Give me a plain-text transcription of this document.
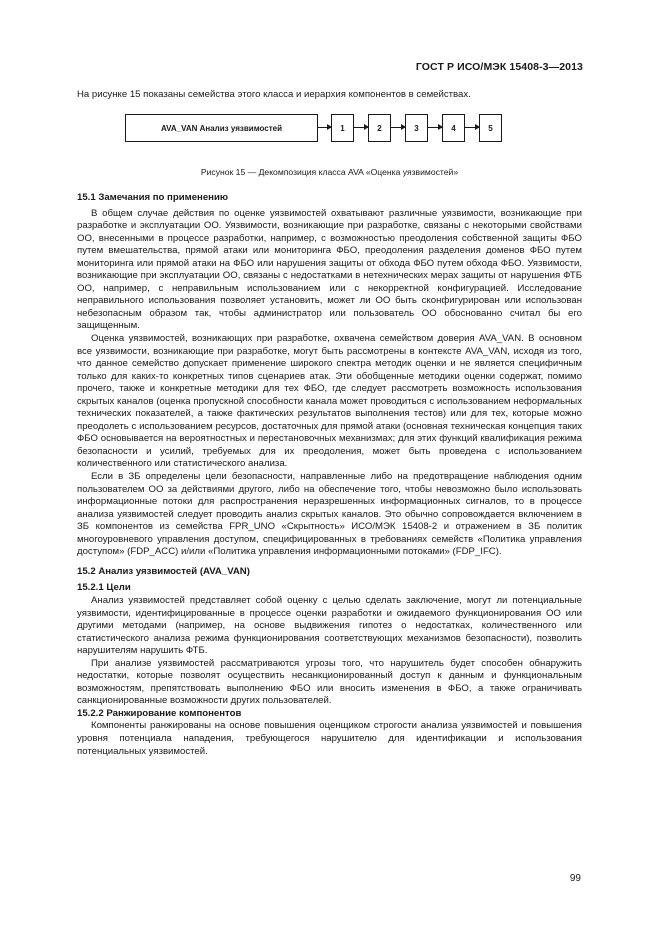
ГОСТ Р ИСО/МЭК 15408-3—2013
На рисунке 15 показаны семейства этого класса и иерархия компонентов в семействах.
AVA_VAN Анализ уязвимостей	1	2	3	4	5
Рисунок 15 — Декомпозиция класса AVA «Оценка уязвимостей»

15.1 Замечания по применению

В общем случае действия по оценке уязвимостей охватывают различные уязвимости, возникающие при разработке и эксплуатации ОО. Уязвимости, возникающие при разработке, связаны с некоторыми свойствами ОО, внесенными в процессе разработки, например, с возможностью преодоления собственной защиты ФБО путем вмешательства, прямой атаки или мониторинга ФБО, преодоления разделения доменов ФБО путем мониторинга или прямой атаки на ФБО или нарушения защиты от обхода ФБО путем обхода ФБО. Уязвимости, возникающие при эксплуатации ОО, связаны с недостатками в нетехнических мерах защиты от нарушения ФТБ ОО, например, с неправильным использованием или с некорректной конфигурацией. Исследование неправильного использования позволяет установить, может ли ОО быть сконфигурирован или использован небезопасным образом так, чтобы администратор или пользователь ОО обоснованно считал бы его защищенным.

Оценка уязвимостей, возникающих при разработке, охвачена семейством доверия AVA_VAN. В основном все уязвимости, возникающие при разработке, могут быть рассмотрены в контексте AVA_VAN, исходя из того, что данное семейство допускает применение широкого спектра методик оценки и не является специфичным только для каких-то конкретных типов сценариев атак. Эти обобщенные методики оценки содержат, помимо прочего, также и конкретные методики для тех ФБО, где следует рассмотреть возможность использования скрытых каналов (оценка пропускной способности канала может проводиться с использованием неформальных технических показателей, а также фактических результатов выполнения тестов) или для тех, которые можно преодолеть с использованием ресурсов, достаточных для прямой атаки (основная техническая концепция таких ФБО основывается на вероятностных и перестановочных механизмах; для этих функций квалификация режима безопасности и усилий, требуемых для их преодоления, может быть проведена с использованием количественного или статистического анализа.

Если в ЗБ определены цели безопасности, направленные либо на предотвращение наблюдения одним пользователем ОО за действиями другого, либо на обеспечение того, чтобы невозможно было использовать информационные потоки для распространения неразрешенных информационных сигналов, то в процессе анализа уязвимостей следует проводить анализ скрытых каналов. Это обычно сопровождается включением в ЗБ компонентов из семейства FPR_UNO «Скрытность» ИСО/МЭК 15408-2 и отражением в ЗБ политик многоуровневого управления доступом, специфицированных в требованиях семейств «Политика управления доступом» (FDP_ACC) и/или «Политика управления информационными потоками» (FDP_IFC).

15.2 Анализ уязвимостей (AVA_VAN)

15.2.1 Цели

Анализ уязвимостей представляет собой оценку с целью сделать заключение, могут ли потенциальные уязвимости, идентифицированные в процессе оценки разработки и ожидаемого функционирования ОО или другими методами (например, на основе выдвижения гипотез о недостатках, количественного или статистического анализа режима функционирования соответствующих механизмов безопасности), позволить нарушителям нарушить ФТБ.

При анализе уязвимостей рассматриваются угрозы того, что нарушитель будет способен обнаружить недостатки, которые позволят осуществить несанкционированный доступ к данным и функциональным возможностям, препятствовать выполнению ФБО или вносить изменения в ФБО, а также ограничивать санкционированные возможности других пользователей.

15.2.2 Ранжирование компонентов

Компоненты ранжированы на основе повышения оценщиком строгости анализа уязвимостей и повышения уровня потенциала нападения, требующегося нарушителю для идентификации и использования потенциальных уязвимостей.

99
